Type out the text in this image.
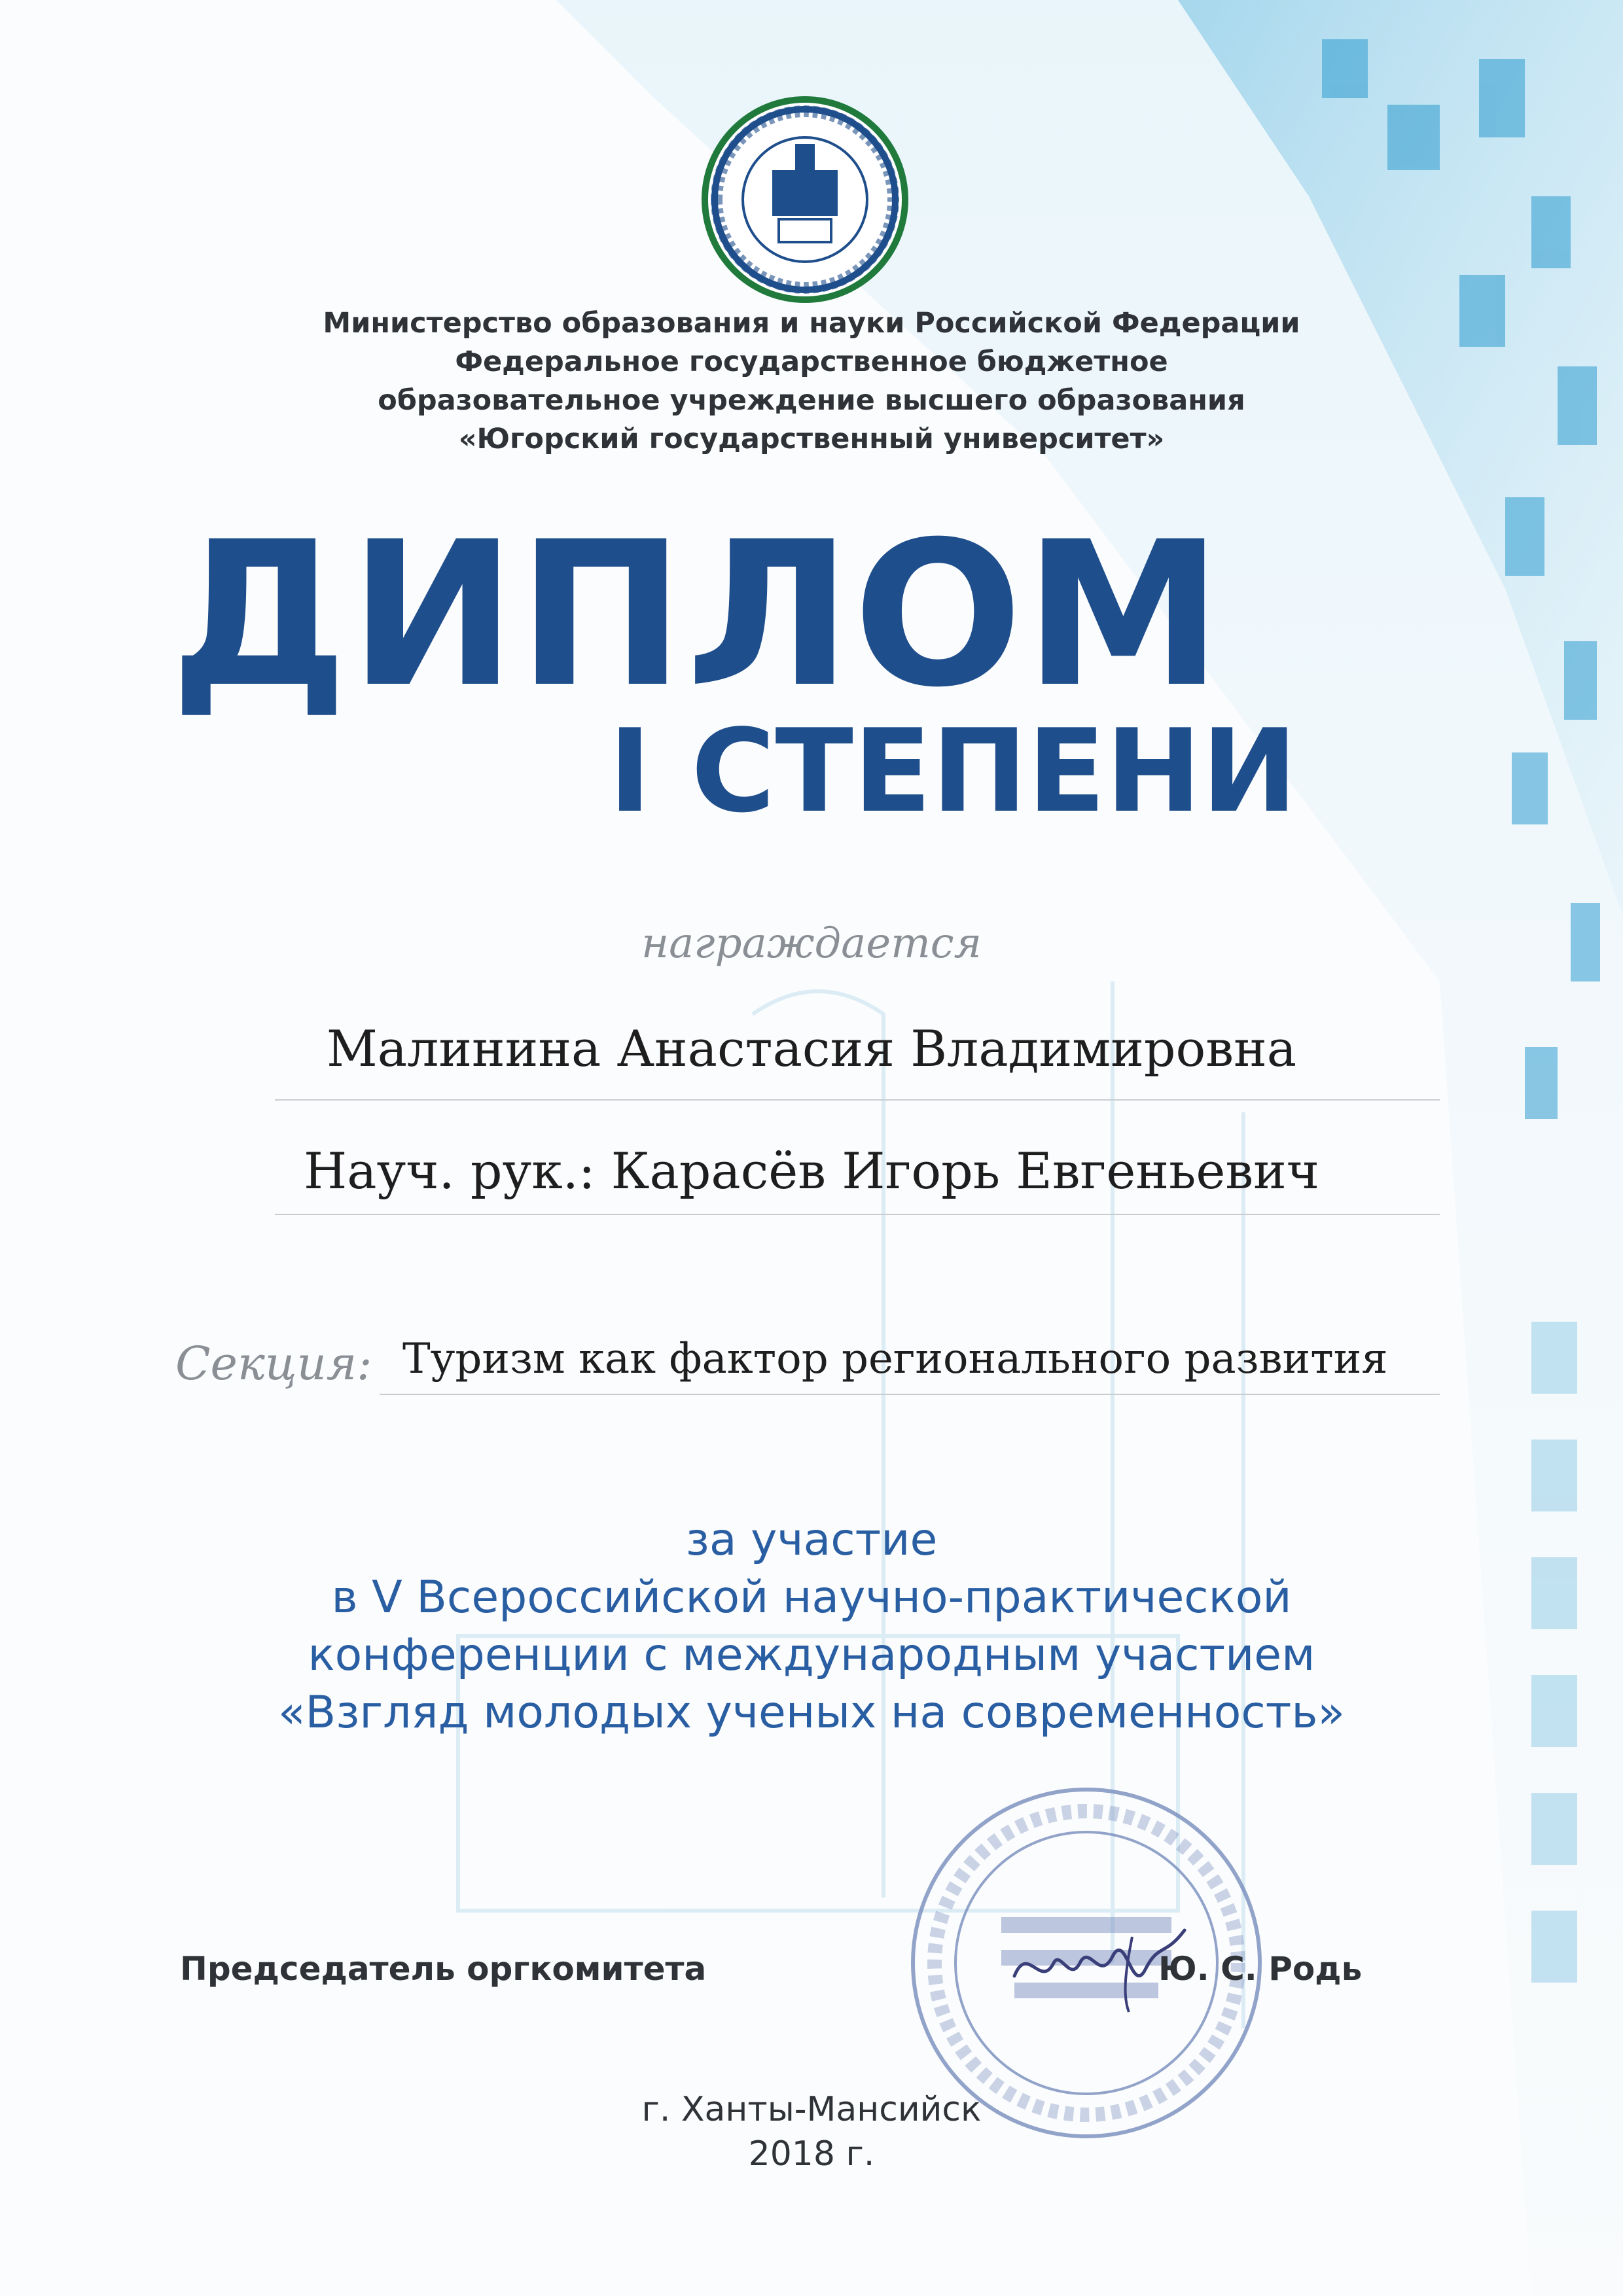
Министерство образования и науки Российской Федерации
Федеральное государственное бюджетное
образовательное учреждение высшего образования
«Югорский государственный университет»
ДИПЛОМ
I СТЕПЕНИ
награждается
Малинина Анастасия Владимировна
Науч. рук.: Карасёв Игорь Евгеньевич
Секция: Туризм как фактор регионального развития
за участие
в V Всероссийской научно-практической
конференции с международным участием
«Взгляд молодых ученых на современность»
Председатель оргкомитета	Ю. С. Родь
г. Ханты-Мансийск
2018 г.
